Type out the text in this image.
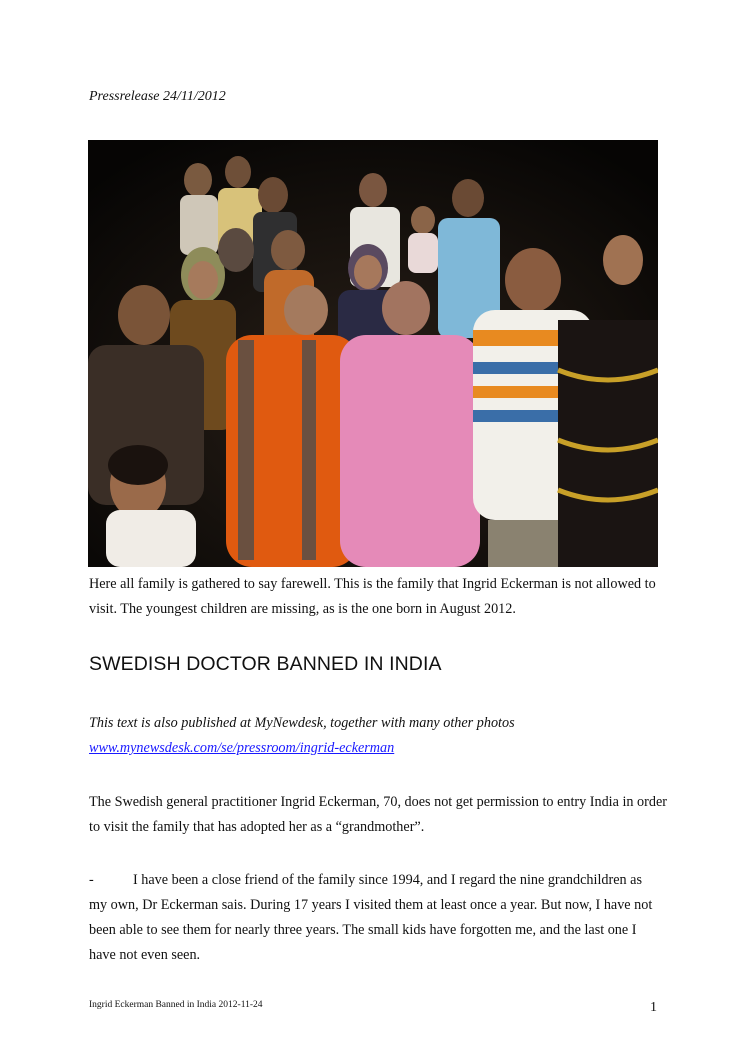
Pressrelease 24/11/2012
Here all family is gathered to say farewell. This is the family that Ingrid Eckerman is not allowed to visit. The youngest children are missing, as is the one born in August 2012.
SWEDISH DOCTOR BANNED IN INDIA
This text is also published at MyNewdesk, together with many other photos
www.mynewsdesk.com/se/pressroom/ingrid-eckerman
The Swedish general practitioner Ingrid Eckerman, 70, does not get permission to entry India in order to visit the family that has adopted her as a “grandmother”.
-	I have been a close friend of the family since 1994, and I regard the nine grandchildren as my own, Dr Eckerman sais. During 17 years I visited them at least once a year. But now, I have not been able to see them for nearly three years. The small kids have forgotten me, and the last one I have not even seen.
Ingrid Eckerman Banned in India 2012-11-24	1
